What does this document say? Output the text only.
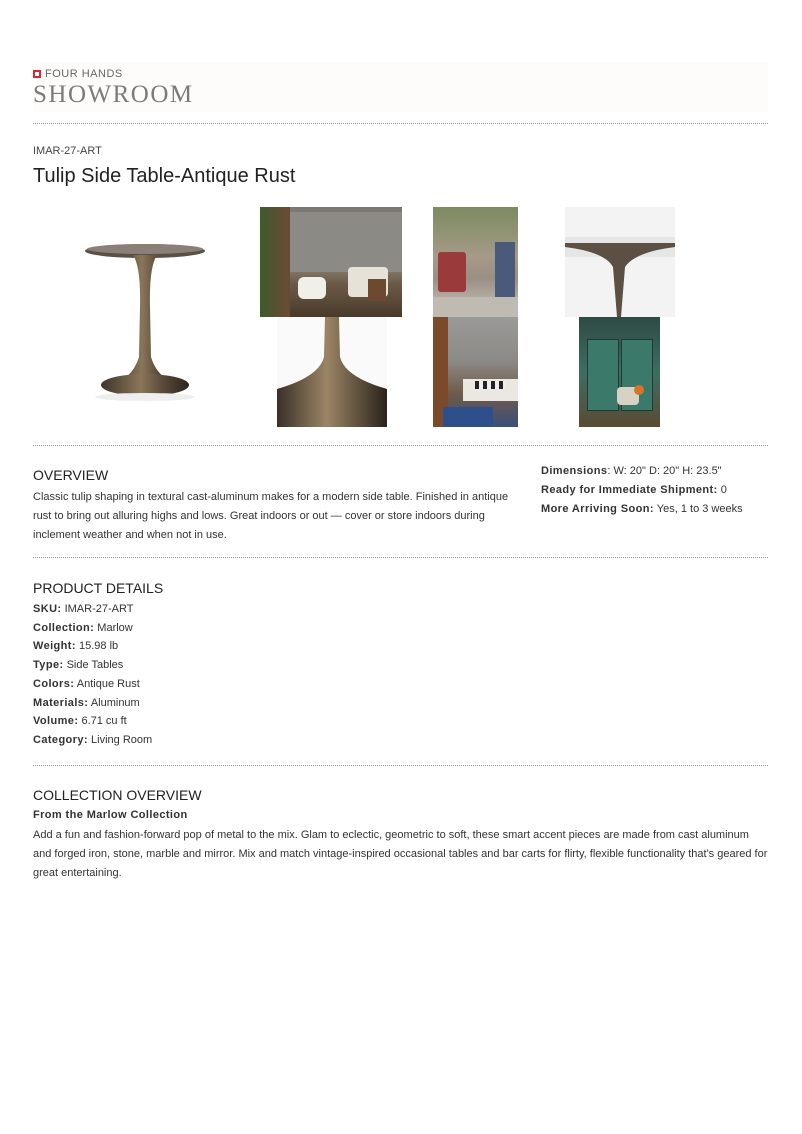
FOUR HANDS
SHOWROOM
IMAR-27-ART
Tulip Side Table-Antique Rust
OVERVIEW
Classic tulip shaping in textural cast-aluminum makes for a modern side table. Finished in antique rust to bring out alluring highs and lows. Great indoors or out — cover or store indoors during inclement weather and when not in use.
Dimensions: W: 20" D: 20" H: 23.5"
Ready for Immediate Shipment: 0
More Arriving Soon: Yes, 1 to 3 weeks
PRODUCT DETAILS
SKU: IMAR-27-ART
Collection: Marlow
Weight: 15.98 lb
Type: Side Tables
Colors: Antique Rust
Materials: Aluminum
Volume: 6.71 cu ft
Category: Living Room
COLLECTION OVERVIEW
From the Marlow Collection
Add a fun and fashion-forward pop of metal to the mix. Glam to eclectic, geometric to soft, these smart accent pieces are made from cast aluminum and forged iron, stone, marble and mirror. Mix and match vintage-inspired occasional tables and bar carts for flirty, flexible functionality that's geared for great entertaining.
